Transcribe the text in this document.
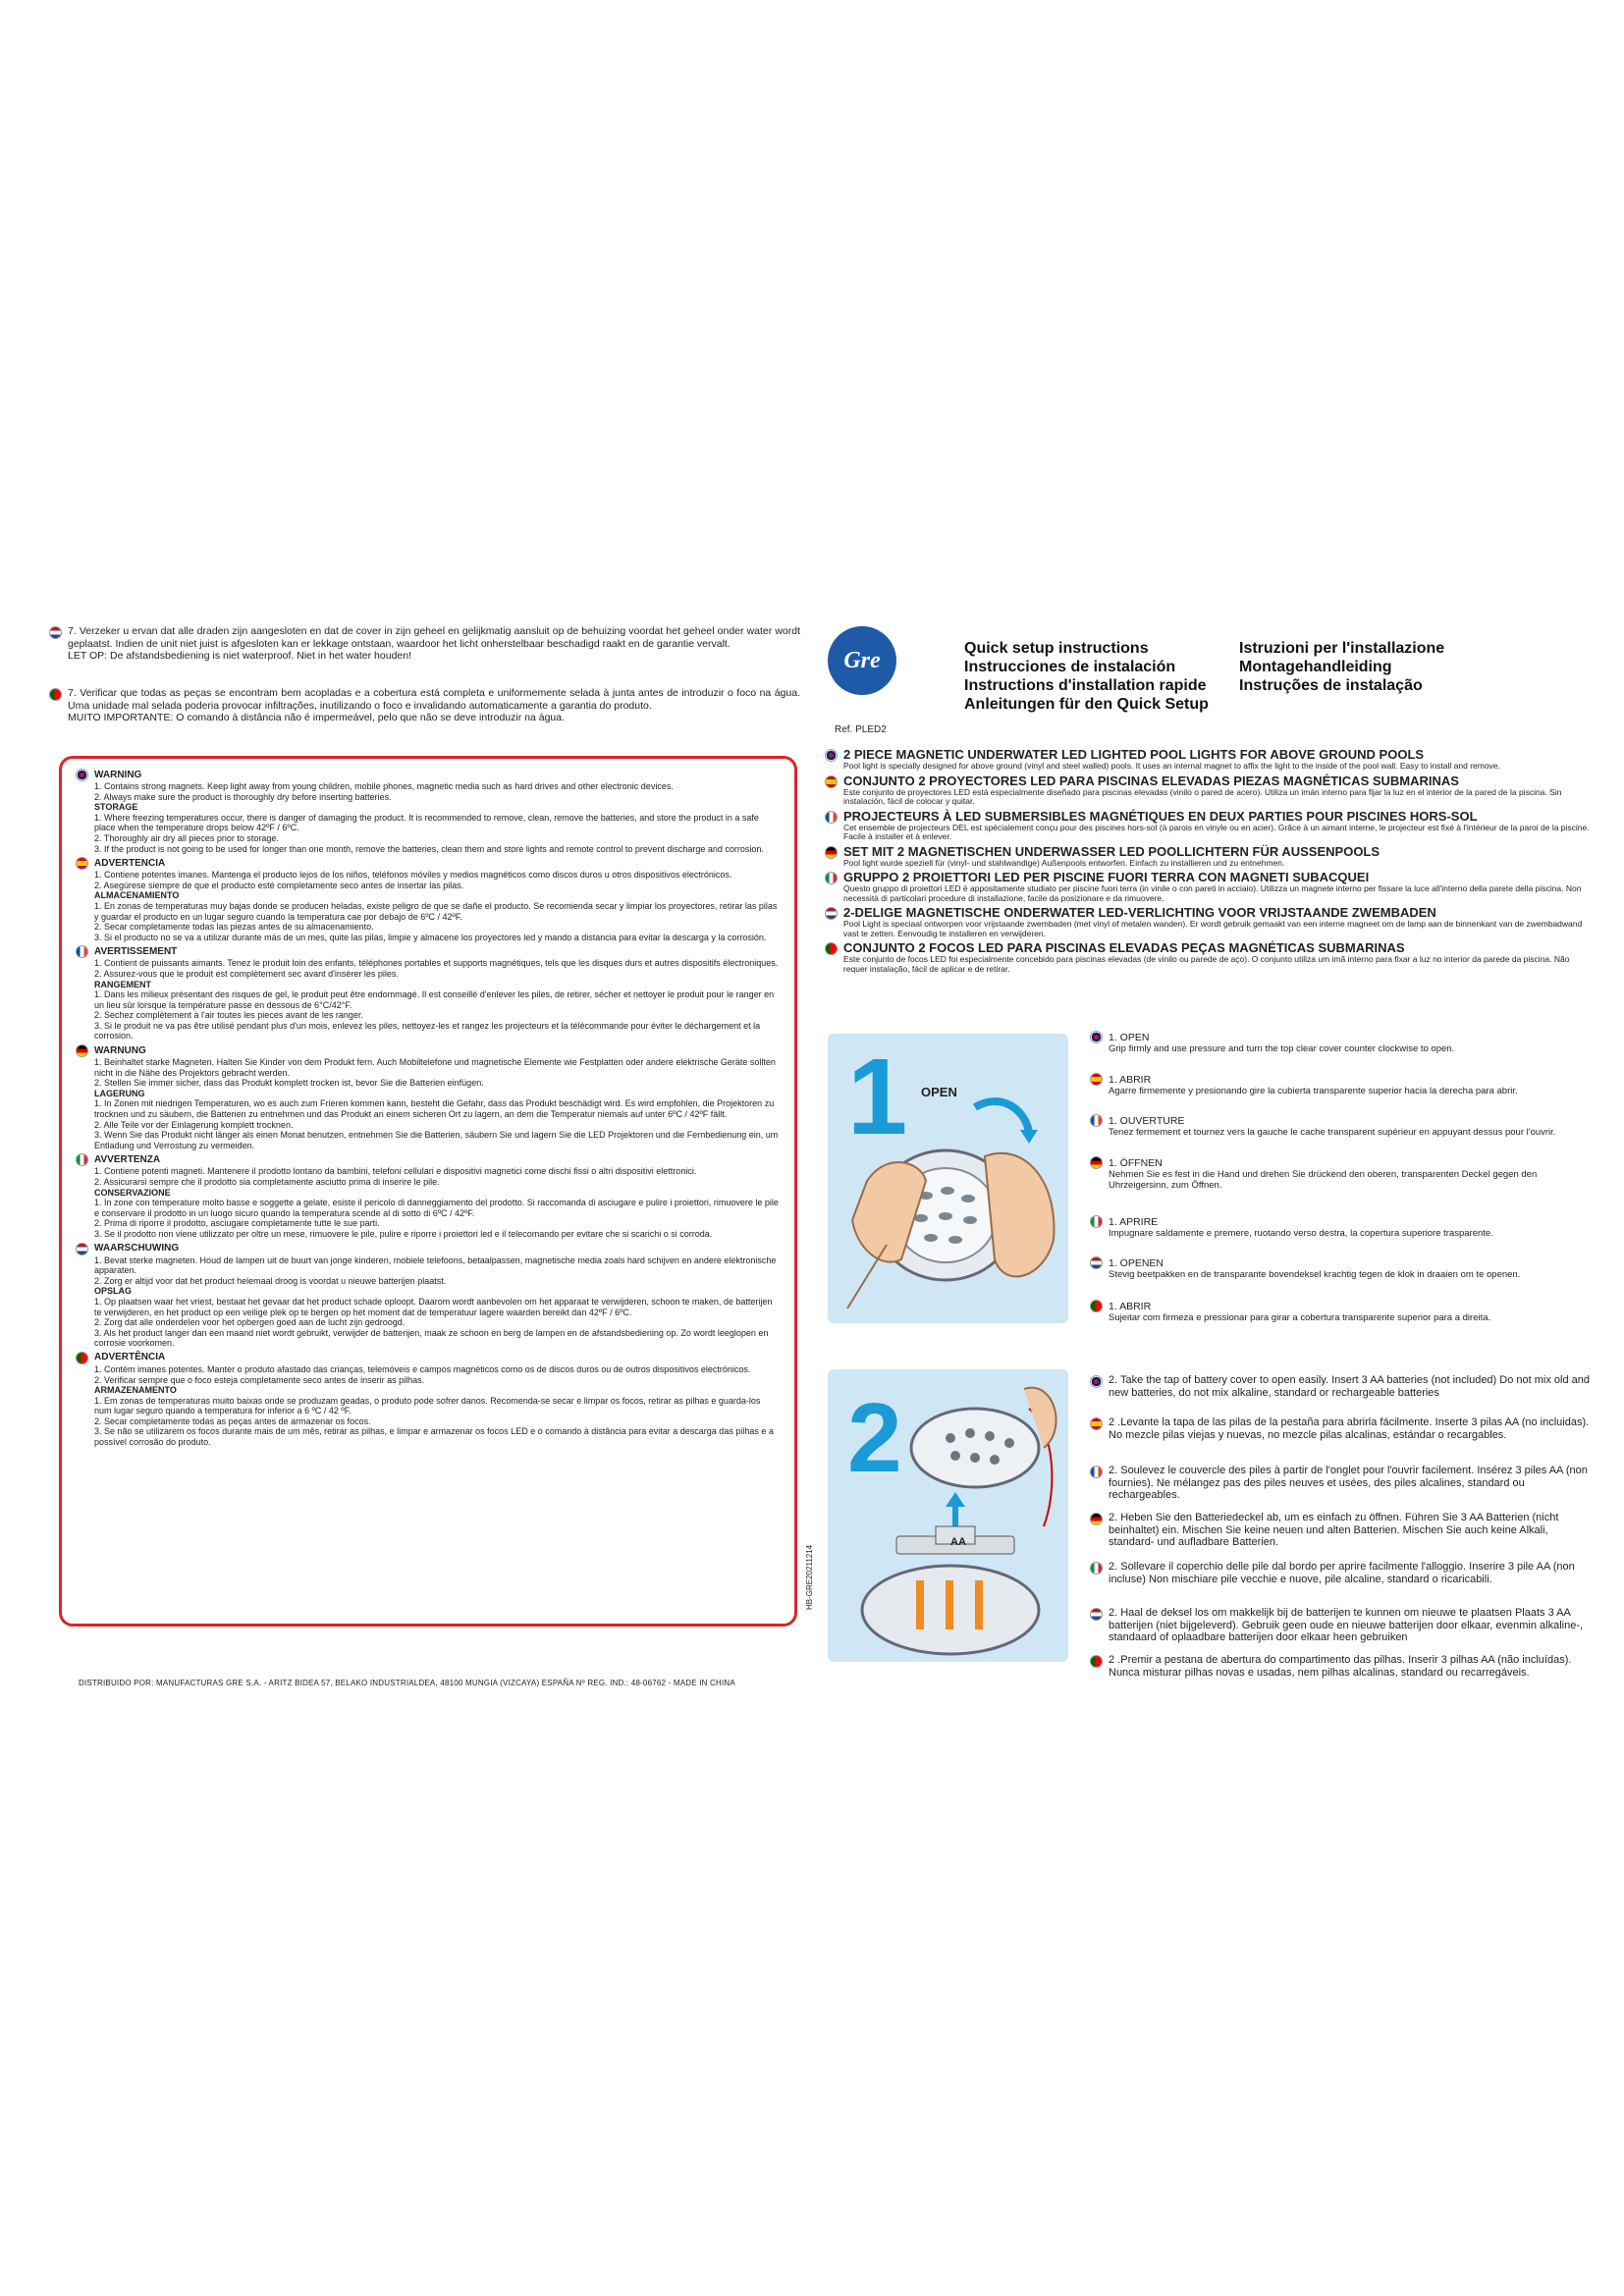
7. Verzeker u ervan dat alle draden zijn aangesloten en dat de cover in zijn geheel en gelijkmatig aansluit op de behuizing voordat het geheel onder water wordt geplaatst. Indien de unit niet juist is afgesloten kan er lekkage ontstaan, waardoor het licht onherstelbaar beschadigd raakt en de garantie vervalt.
LET OP: De afstandsbediening is niet waterproof. Niet in het water houden!

7. Verificar que todas as peças se encontram bem acopladas e a cobertura está completa e uniformemente selada à junta antes de introduzir o foco na água. Uma unidade mal selada poderia provocar infiltrações, inutilizando o foco e invalidando automaticamente a garantia do produto.
MUITO IMPORTANTE: O comando à distância não é impermeável, pelo que não se deve introduzir na água.

WARNING
1. Contains strong magnets. Keep light away from young children, mobile phones, magnetic media such as hard drives and other electronic devices.
2. Always make sure the product is thoroughly dry before inserting batteries.
STORAGE
1. Where freezing temperatures occur, there is danger of damaging the product. It is recommended to remove, clean, remove the batteries, and store the product in a safe place when the temperature drops below 42ºF / 6ºC.
2. Thoroughly air dry all pieces prior to storage.
3. If the product is not going to be used for longer than one month, remove the batteries, clean them and store lights and remote control to prevent discharge and corrosion.
ADVERTENCIA
1. Contiene potentes imanes. Mantenga el producto lejos de los niños, teléfonos móviles y medios magnéticos como discos duros u otros dispositivos electrónicos.
2. Asegúrese siempre de que el producto esté completamente seco antes de insertar las pilas.
ALMACENAMIENTO
1. En zonas de temperaturas muy bajas donde se producen heladas, existe peligro de que se dañe el producto. Se recomienda secar y limpiar los proyectores, retirar las pilas y guardar el producto en un lugar seguro cuando la temperatura cae por debajo de 6ºC / 42ºF.
2. Secar completamente todas las piezas antes de su almacenamiento.
3. Si el producto no se va a utilizar durante más de un mes, quite las pilas, limpie y almacene los proyectores led y mando a distancia para evitar la descarga y la corrosión.
AVERTISSEMENT
1. Contient de puissants aimants. Tenez le produit loin des enfants, téléphones portables et supports magnétiques, tels que les disques durs et autres dispositifs électroniques.
2. Assurez-vous que le produit est complètement sec avant d'insérer les piles.
RANGEMENT
1. Dans les milieux présentant des risques de gel, le produit peut être endommagé. Il est conseillé d'enlever les piles, de retirer, sécher et nettoyer le produit pour le ranger en un lieu sûr lorsque la température passe en dessous de 6°C/42°F.
2. Sechez complètement à l'air toutes les pieces avant de les ranger.
3. Si le produit ne va pas être utilisé pendant plus d'un mois, enlevez les piles, nettoyez-les et rangez les projecteurs et la télécommande pour éviter le déchargement et la corrosion.
WARNUNG
1. Beinhaltet starke Magneten. Halten Sie Kinder von dem Produkt fern. Auch Mobiltelefone und magnetische Elemente wie Festplatten oder andere elektrische Geräte sollten nicht in die Nähe des Projektors gebracht werden.
2. Stellen Sie immer sicher, dass das Produkt komplett trocken ist, bevor Sie die Batterien einfügen.
LAGERUNG
1. In Zonen mit niedrigen Temperaturen, wo es auch zum Frieren kommen kann, besteht die Gefahr, dass das Produkt beschädigt wird. Es wird empfohlen, die Projektoren zu trocknen und zu säubern, die Batterien zu entnehmen und das Produkt an einem sicheren Ort zu lagern, an dem die Temperatur niemals auf unter 6ºC / 42ºF fällt.
2. Alle Teile vor der Einlagerung komplett trocknen.
3. Wenn Sie das Produkt nicht länger als einen Monat benutzen, entnehmen Sie die Batterien, säubern Sie und lagern Sie die LED Projektoren und die Fernbedienung ein, um Entladung und Verrostung zu vermeiden.
AVVERTENZA
1. Contiene potenti magneti. Mantenere il prodotto lontano da bambini, telefoni cellulari e dispositivi magnetici come dischi fissi o altri dispositivi elettronici.
2. Assicurarsi sempre che il prodotto sia completamente asciutto prima di inserire le pile.
CONSERVAZIONE
1. In zone con temperature molto basse e soggette a gelate, esiste il pericolo di danneggiamento del prodotto. Si raccomanda di asciugare e pulire i proiettori, rimuovere le pile e conservare il prodotto in un luogo sicuro quando la temperatura scende al di sotto di 6ºC / 42ºF.
2. Prima di riporre il prodotto, asciugare completamente tutte le sue parti.
3. Se il prodotto non viene utilizzato per oltre un mese, rimuovere le pile, pulire e riporre i proiettori led e il telecomando per evitare che si scarichi o si corroda.
WAARSCHUWING
1. Bevat sterke magneten. Houd de lampen uit de buurt van jonge kinderen, mobiele telefoons, betaalpassen, magnetische media zoals hard schijven en andere elektronische apparaten.
2. Zorg er altijd voor dat het product helemaal droog is voordat u nieuwe batterijen plaatst.
OPSLAG
1. Op plaatsen waar het vriest, bestaat het gevaar dat het product schade oploopt. Daarom wordt aanbevolen om het apparaat te verwijderen, schoon te maken, de batterijen te verwijderen, en het product op een veilige plek op te bergen op het moment dat de temperatuur lagere waarden bereikt dan 42ºF / 6ºC.
2. Zorg dat alle onderdelen voor het opbergen goed aan de lucht zijn gedroogd.
3. Als het product langer dan een maand niet wordt gebruikt, verwijder de batterijen, maak ze schoon en berg de lampen en de afstandsbediening op. Zo wordt leeglopen en corrosie voorkomen.
ADVERTÊNCIA
1. Contém imanes potentes. Manter o produto afastado das crianças, telemóveis e campos magnéticos como os de discos duros ou de outros dispositivos electrónicos.
2. Verificar sempre que o foco esteja completamente seco antes de inserir as pilhas.
ARMAZENAMENTO
1. Em zonas de temperaturas muito baixas onde se produzam geadas, o produto pode sofrer danos. Recomenda-se secar e limpar os focos, retirar as pilhas e guarda-los num lugar seguro quando a temperatura for inferior a 6 ºC / 42 ºF.
2. Secar completamente todas as peças antes de armazenar os focos.
3. Se não se utilizarem os focos durante mais de um mês, retirar as pilhas, e limpar e armazenar os focos LED e o comando à distância para evitar a descarga das pilhas e a possível corrosão do produto.
DISTRIBUIDO POR: MANUFACTURAS GRE S.A. - ARITZ BIDEA 57, BELAKO INDUSTRIALDEA, 48100 MUNGIA (VIZCAYA) ESPAÑA Nº REG. IND.: 48-06762 - MADE IN CHINA
HB-GRE20211214
Gre
Ref. PLED2
Quick setup instructions
Instrucciones de instalación
Instructions d'installation rapide
Anleitungen für den Quick Setup
Istruzioni per l'installazione
Montagehandleiding
Instruções de instalação
2 PIECE MAGNETIC UNDERWATER LED LIGHTED POOL LIGHTS FOR ABOVE GROUND POOLS
Pool light is specially designed for above ground (vinyl and steel walled) pools. It uses an internal magnet to affix the light to the inside of the pool wall. Easy to install and remove.
CONJUNTO 2 PROYECTORES LED PARA PISCINAS ELEVADAS PIEZAS MAGNÉTICAS SUBMARINAS
Este conjunto de proyectores LED está especialmente diseñado para piscinas elevadas (vinilo o pared de acero). Utiliza un imán interno para fijar la luz en el interior de la pared de la piscina. Sin instalación, fácil de colocar y quitar.
PROJECTEURS À LED SUBMERSIBLES MAGNÉTIQUES EN DEUX PARTIES POUR PISCINES HORS-SOL
Cet ensemble de projecteurs DEL est spécialement conçu pour des piscines hors-sol (à parois en vinyle ou en acier). Grâce à un aimant interne, le projecteur est fixé à l'intérieur de la paroi de la piscine. Facile à installer et à enlever.
SET MIT 2 MAGNETISCHEN UNDERWASSER LED POOLLICHTERN FÜR AUSSENPOOLS
Pool light wurde speziell für (vinyl- und stahlwandige) Außenpools entworfen. Einfach zu installieren und zu entnehmen.
GRUPPO 2 PROIETTORI LED PER PISCINE FUORI TERRA CON MAGNETI SUBACQUEI
Questo gruppo di proiettori LED è appositamente studiato per piscine fuori terra (in vinile o con pareti in acciaio). Utilizza un magnete interno per fissare la luce all'interno della parete della piscina. Non necessità di particolari procedure di installazione, facile da posizionare e da rimuovere.
2-DELIGE MAGNETISCHE ONDERWATER LED-VERLICHTING VOOR VRIJSTAANDE ZWEMBADEN
Pool Light is speciaal ontworpen voor vrijstaande zwembaden (met vinyl of metalen wanden). Er wordt gebruik gemaakt van een interne magneet om de lamp aan de binnenkant van de zwembadwand vast te zetten. Eenvoudig te installeren en verwijderen.
CONJUNTO 2 FOCOS LED PARA PISCINAS ELEVADAS PEÇAS MAGNÉTICAS SUBMARINAS
Este conjunto de focos LED foi especialmente concebido para piscinas elevadas (de vinilo ou parede de aço). O conjunto utiliza um imã interno para fixar a luz no interior da parede da piscina. Não requer instalação, fácil de aplicar e de retirar.
1 OPEN
1. OPEN
Grip firmly and use pressure and turn the top clear cover counter clockwise to open.
1. ABRIR
Agarre firmemente y presionando gire la cubierta transparente superior hacia la derecha para abrir.
1. OUVERTURE
Tenez fermement et tournez vers la gauche le cache transparent supérieur en appuyant dessus pour l'ouvrir.
1. ÖFFNEN
Nehmen Sie es fest in die Hand und drehen Sie drückend den oberen, transparenten Deckel gegen den Uhrzeigersinn, zum Öffnen.
1. APRIRE
Impugnare saldamente e premere, ruotando verso destra, la copertura superiore trasparente.
1. OPENEN
Stevig beetpakken en de transparante bovendeksel krachtig tegen de klok in draaien om te openen.
1. ABRIR
Sujeitar com firmeza e pressionar para girar a cobertura transparente superior para a direita.
2
AA
2. Take the tap of battery cover to open easily. Insert 3 AA batteries (not included) Do not mix old and new batteries, do not mix alkaline, standard or rechargeable batteries
2 .Levante la tapa de las pilas de la pestaña para abrirla fácilmente. Inserte 3 pilas AA (no incluidas). No mezcle pilas viejas y nuevas, no mezcle pilas alcalinas, estándar o recargables.
2. Soulevez le couvercle des piles à partir de l'onglet pour l'ouvrir facilement. Insérez 3 piles AA (non fournies). Ne mélangez pas des piles neuves et usées, des piles alcalines, standard ou rechargeables.
2. Heben Sie den Batteriedeckel ab, um es einfach zu öffnen. Führen Sie 3 AA Batterien (nicht beinhaltet) ein. Mischen Sie keine neuen und alten Batterien. Mischen Sie auch keine Alkali, standard- und aufladbare Batterien.
2. Sollevare il coperchio delle pile dal bordo per aprire facilmente l'alloggio. Inserire 3 pile AA (non incluse) Non mischiare pile vecchie e nuove, pile alcaline, standard o ricaricabili.
2. Haal de deksel los om makkelijk bij de batterijen te kunnen om nieuwe te plaatsen Plaats 3 AA batterijen (niet bijgeleverd). Gebruik geen oude en nieuwe batterijen door elkaar, evenmin alkaline-, standaard of oplaadbare batterijen door elkaar heen gebruiken
2 .Premir a pestana de abertura do compartimento das pilhas. Inserir 3 pilhas AA (não incluídas). Nunca misturar pilhas novas e usadas, nem pilhas alcalinas, standard ou recarregáveis.
